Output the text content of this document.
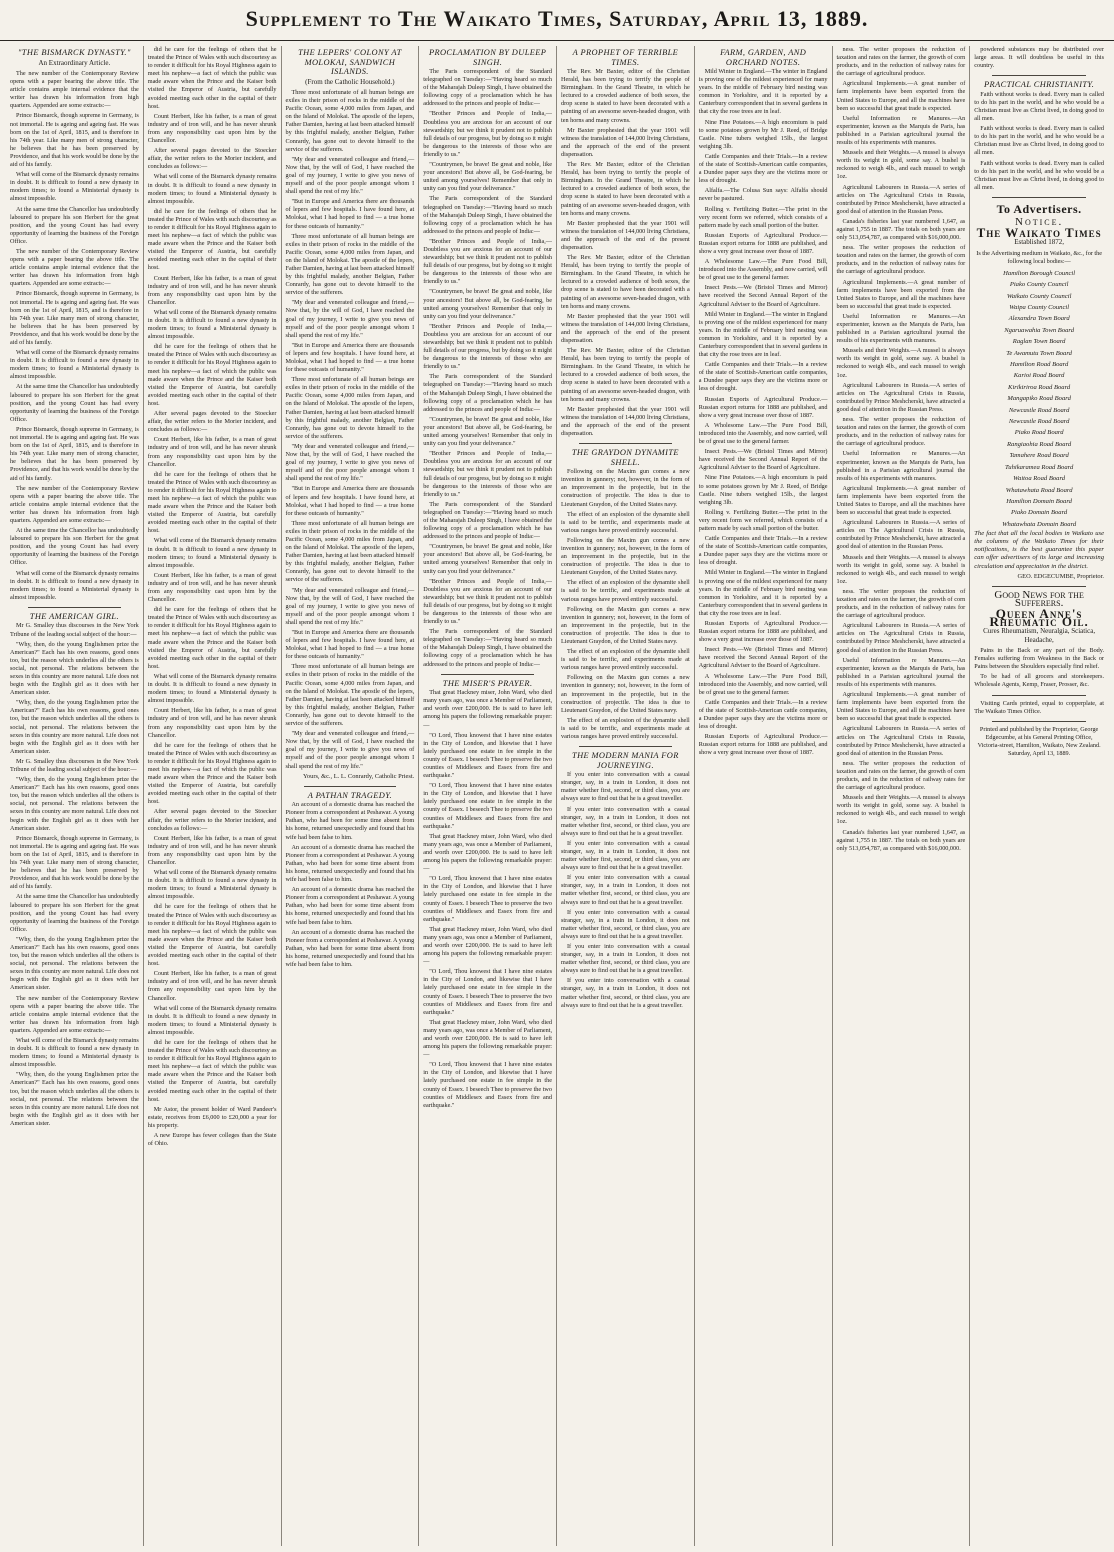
Supplement to The Waikato Times, Saturday, April 13, 1889.
"THE BISMARCK DYNASTY."
An Extraordinary Article.

The new number of the Contemporary Review opens with a paper bearing the above title. The article contains ample internal evidence that the writer has drawn his information from high quarters. Appended are some extracts:—

Prince Bismarck, though supreme in Germany, is not immortal. He is ageing and ageing fast. He was born on the 1st of April, 1815, and is therefore in his 74th year. Like many men of strong character, he believes that he has been preserved by Providence, and that his work would be done by the aid of his family.

What will come of the Bismarck dynasty remains in doubt. It is difficult to found a new dynasty in modern times; to found a Ministerial dynasty is almost impossible.

At the same time the Chancellor has undoubtedly laboured to prepare his son Herbert for the great position, and the young Count has had every opportunity of learning the business of the Foreign Office.

The new number of the Contemporary Review opens with a paper bearing the above title. The article contains ample internal evidence that the writer has drawn his information from high quarters. Appended are some extracts:—

Prince Bismarck, though supreme in Germany, is not immortal. He is ageing and ageing fast. He was born on the 1st of April, 1815, and is therefore in his 74th year. Like many men of strong character, he believes that he has been preserved by Providence, and that his work would be done by the aid of his family.

What will come of the Bismarck dynasty remains in doubt. It is difficult to found a new dynasty in modern times; to found a Ministerial dynasty is almost impossible.

At the same time the Chancellor has undoubtedly laboured to prepare his son Herbert for the great position, and the young Count has had every opportunity of learning the business of the Foreign Office.

Prince Bismarck, though supreme in Germany, is not immortal. He is ageing and ageing fast. He was born on the 1st of April, 1815, and is therefore in his 74th year. Like many men of strong character, he believes that he has been preserved by Providence, and that his work would be done by the aid of his family.

The new number of the Contemporary Review opens with a paper bearing the above title. The article contains ample internal evidence that the writer has drawn his information from high quarters. Appended are some extracts:—

At the same time the Chancellor has undoubtedly laboured to prepare his son Herbert for the great position, and the young Count has had every opportunity of learning the business of the Foreign Office.

What will come of the Bismarck dynasty remains in doubt. It is difficult to found a new dynasty in modern times; to found a Ministerial dynasty is almost impossible.

THE AMERICAN GIRL.

Mr G. Smalley thus discourses in the New York Tribune of the leading social subject of the hour:—

"Why, then, do the young Englishmen prize the American?" Each has his own reasons, good ones too, but the reason which underlies all the others is social, not personal. The relations between the sexes in this country are more natural. Life does not begin with the English girl as it does with her American sister.

"Why, then, do the young Englishmen prize the American?" Each has his own reasons, good ones too, but the reason which underlies all the others is social, not personal. The relations between the sexes in this country are more natural. Life does not begin with the English girl as it does with her American sister.

Mr G. Smalley thus discourses in the New York Tribune of the leading social subject of the hour:—

"Why, then, do the young Englishmen prize the American?" Each has his own reasons, good ones too, but the reason which underlies all the others is social, not personal. The relations between the sexes in this country are more natural. Life does not begin with the English girl as it does with her American sister.

Prince Bismarck, though supreme in Germany, is not immortal. He is ageing and ageing fast. He was born on the 1st of April, 1815, and is therefore in his 74th year. Like many men of strong character, he believes that he has been preserved by Providence, and that his work would be done by the aid of his family.

At the same time the Chancellor has undoubtedly laboured to prepare his son Herbert for the great position, and the young Count has had every opportunity of learning the business of the Foreign Office.

"Why, then, do the young Englishmen prize the American?" Each has his own reasons, good ones too, but the reason which underlies all the others is social, not personal. The relations between the sexes in this country are more natural. Life does not begin with the English girl as it does with her American sister.

The new number of the Contemporary Review opens with a paper bearing the above title. The article contains ample internal evidence that the writer has drawn his information from high quarters. Appended are some extracts:—

What will come of the Bismarck dynasty remains in doubt. It is difficult to found a new dynasty in modern times; to found a Ministerial dynasty is almost impossible.

"Why, then, do the young Englishmen prize the American?" Each has his own reasons, good ones too, but the reason which underlies all the others is social, not personal. The relations between the sexes in this country are more natural. Life does not begin with the English girl as it does with her American sister.

did he care for the feelings of others that he treated the Prince of Wales with such discourtesy as to render it difficult for his Royal Highness again to meet his nephew—a fact of which the public was made aware when the Prince and the Kaiser both visited the Emperor of Austria, but carefully avoided meeting each other in the capital of their host.

Count Herbert, like his father, is a man of great industry and of iron will, and he has never shrunk from any responsibility cast upon him by the Chancellor.

After several pages devoted to the Stoecker affair, the writer refers to the Morier incident, and concludes as follows:—

What will come of the Bismarck dynasty remains in doubt. It is difficult to found a new dynasty in modern times; to found a Ministerial dynasty is almost impossible.

did he care for the feelings of others that he treated the Prince of Wales with such discourtesy as to render it difficult for his Royal Highness again to meet his nephew—a fact of which the public was made aware when the Prince and the Kaiser both visited the Emperor of Austria, but carefully avoided meeting each other in the capital of their host.

Count Herbert, like his father, is a man of great industry and of iron will, and he has never shrunk from any responsibility cast upon him by the Chancellor.

What will come of the Bismarck dynasty remains in doubt. It is difficult to found a new dynasty in modern times; to found a Ministerial dynasty is almost impossible.

did he care for the feelings of others that he treated the Prince of Wales with such discourtesy as to render it difficult for his Royal Highness again to meet his nephew—a fact of which the public was made aware when the Prince and the Kaiser both visited the Emperor of Austria, but carefully avoided meeting each other in the capital of their host.

After several pages devoted to the Stoecker affair, the writer refers to the Morier incident, and concludes as follows:—

Count Herbert, like his father, is a man of great industry and of iron will, and he has never shrunk from any responsibility cast upon him by the Chancellor.

did he care for the feelings of others that he treated the Prince of Wales with such discourtesy as to render it difficult for his Royal Highness again to meet his nephew—a fact of which the public was made aware when the Prince and the Kaiser both visited the Emperor of Austria, but carefully avoided meeting each other in the capital of their host.

What will come of the Bismarck dynasty remains in doubt. It is difficult to found a new dynasty in modern times; to found a Ministerial dynasty is almost impossible.

Count Herbert, like his father, is a man of great industry and of iron will, and he has never shrunk from any responsibility cast upon him by the Chancellor.

did he care for the feelings of others that he treated the Prince of Wales with such discourtesy as to render it difficult for his Royal Highness again to meet his nephew—a fact of which the public was made aware when the Prince and the Kaiser both visited the Emperor of Austria, but carefully avoided meeting each other in the capital of their host.

What will come of the Bismarck dynasty remains in doubt. It is difficult to found a new dynasty in modern times; to found a Ministerial dynasty is almost impossible.

Count Herbert, like his father, is a man of great industry and of iron will, and he has never shrunk from any responsibility cast upon him by the Chancellor.

did he care for the feelings of others that he treated the Prince of Wales with such discourtesy as to render it difficult for his Royal Highness again to meet his nephew—a fact of which the public was made aware when the Prince and the Kaiser both visited the Emperor of Austria, but carefully avoided meeting each other in the capital of their host.

After several pages devoted to the Stoecker affair, the writer refers to the Morier incident, and concludes as follows:—

Count Herbert, like his father, is a man of great industry and of iron will, and he has never shrunk from any responsibility cast upon him by the Chancellor.

What will come of the Bismarck dynasty remains in doubt. It is difficult to found a new dynasty in modern times; to found a Ministerial dynasty is almost impossible.

did he care for the feelings of others that he treated the Prince of Wales with such discourtesy as to render it difficult for his Royal Highness again to meet his nephew—a fact of which the public was made aware when the Prince and the Kaiser both visited the Emperor of Austria, but carefully avoided meeting each other in the capital of their host.

Count Herbert, like his father, is a man of great industry and of iron will, and he has never shrunk from any responsibility cast upon him by the Chancellor.

What will come of the Bismarck dynasty remains in doubt. It is difficult to found a new dynasty in modern times; to found a Ministerial dynasty is almost impossible.

did he care for the feelings of others that he treated the Prince of Wales with such discourtesy as to render it difficult for his Royal Highness again to meet his nephew—a fact of which the public was made aware when the Prince and the Kaiser both visited the Emperor of Austria, but carefully avoided meeting each other in the capital of their host.

Mr Astor, the present holder of Ward Pandeer's estate, receives from £6,000 to £20,000 a year for his property.

A new Europe has fewer colleges than the State of Ohio.

THE LEPERS' COLONY AT MOLOKAI, SANDWICH ISLANDS.
(From the Catholic Household.)

Three most unfortunate of all human beings are exiles in their prison of rocks in the middle of the Pacific Ocean, some 4,000 miles from Japan, and on the Island of Molokai. The apostle of the lepers, Father Damien, having at last been attacked himself by this frightful malady, another Belgian, Father Conrardy, has gone out to devote himself to the service of the sufferers.

"My dear and venerated colleague and friend,—Now that, by the will of God, I have reached the goal of my journey, I write to give you news of myself and of the poor people amongst whom I shall spend the rest of my life."

"But in Europe and America there are thousands of lepers and few hospitals. I have found here, at Molokai, what I had hoped to find — a true home for these outcasts of humanity."

Three most unfortunate of all human beings are exiles in their prison of rocks in the middle of the Pacific Ocean, some 4,000 miles from Japan, and on the Island of Molokai. The apostle of the lepers, Father Damien, having at last been attacked himself by this frightful malady, another Belgian, Father Conrardy, has gone out to devote himself to the service of the sufferers.

"My dear and venerated colleague and friend,—Now that, by the will of God, I have reached the goal of my journey, I write to give you news of myself and of the poor people amongst whom I shall spend the rest of my life."

"But in Europe and America there are thousands of lepers and few hospitals. I have found here, at Molokai, what I had hoped to find — a true home for these outcasts of humanity."

Three most unfortunate of all human beings are exiles in their prison of rocks in the middle of the Pacific Ocean, some 4,000 miles from Japan, and on the Island of Molokai. The apostle of the lepers, Father Damien, having at last been attacked himself by this frightful malady, another Belgian, Father Conrardy, has gone out to devote himself to the service of the sufferers.

"My dear and venerated colleague and friend,—Now that, by the will of God, I have reached the goal of my journey, I write to give you news of myself and of the poor people amongst whom I shall spend the rest of my life."

"But in Europe and America there are thousands of lepers and few hospitals. I have found here, at Molokai, what I had hoped to find — a true home for these outcasts of humanity."

Three most unfortunate of all human beings are exiles in their prison of rocks in the middle of the Pacific Ocean, some 4,000 miles from Japan, and on the Island of Molokai. The apostle of the lepers, Father Damien, having at last been attacked himself by this frightful malady, another Belgian, Father Conrardy, has gone out to devote himself to the service of the sufferers.

"My dear and venerated colleague and friend,—Now that, by the will of God, I have reached the goal of my journey, I write to give you news of myself and of the poor people amongst whom I shall spend the rest of my life."

"But in Europe and America there are thousands of lepers and few hospitals. I have found here, at Molokai, what I had hoped to find — a true home for these outcasts of humanity."

Three most unfortunate of all human beings are exiles in their prison of rocks in the middle of the Pacific Ocean, some 4,000 miles from Japan, and on the Island of Molokai. The apostle of the lepers, Father Damien, having at last been attacked himself by this frightful malady, another Belgian, Father Conrardy, has gone out to devote himself to the service of the sufferers.

"My dear and venerated colleague and friend,—Now that, by the will of God, I have reached the goal of my journey, I write to give you news of myself and of the poor people amongst whom I shall spend the rest of my life."

Yours, &c., L. L. Conrardy, Catholic Priest.

A PATHAN TRAGEDY.

An account of a domestic drama has reached the Pioneer from a correspondent at Peshawar. A young Pathan, who had been for some time absent from his home, returned unexpectedly and found that his wife had been false to him.

An account of a domestic drama has reached the Pioneer from a correspondent at Peshawar. A young Pathan, who had been for some time absent from his home, returned unexpectedly and found that his wife had been false to him.

An account of a domestic drama has reached the Pioneer from a correspondent at Peshawar. A young Pathan, who had been for some time absent from his home, returned unexpectedly and found that his wife had been false to him.

An account of a domestic drama has reached the Pioneer from a correspondent at Peshawar. A young Pathan, who had been for some time absent from his home, returned unexpectedly and found that his wife had been false to him.

PROCLAMATION BY DULEEP SINGH.

The Paris correspondent of the Standard telegraphed on Tuesday:—"Having heard so much of the Maharajah Duleep Singh, I have obtained the following copy of a proclamation which he has addressed to the princes and people of India:—

"Brother Princes and People of India,—Doubtless you are anxious for an account of our stewardship; but we think it prudent not to publish full details of our progress, but by doing so it might be dangerous to the interests of those who are friendly to us."

"Countrymen, be brave! Be great and noble, like your ancestors! But above all, be God-fearing, be united among yourselves! Remember that only in unity can you find your deliverance."

The Paris correspondent of the Standard telegraphed on Tuesday:—"Having heard so much of the Maharajah Duleep Singh, I have obtained the following copy of a proclamation which he has addressed to the princes and people of India:—

"Brother Princes and People of India,—Doubtless you are anxious for an account of our stewardship; but we think it prudent not to publish full details of our progress, but by doing so it might be dangerous to the interests of those who are friendly to us."

"Countrymen, be brave! Be great and noble, like your ancestors! But above all, be God-fearing, be united among yourselves! Remember that only in unity can you find your deliverance."

"Brother Princes and People of India,—Doubtless you are anxious for an account of our stewardship; but we think it prudent not to publish full details of our progress, but by doing so it might be dangerous to the interests of those who are friendly to us."

The Paris correspondent of the Standard telegraphed on Tuesday:—"Having heard so much of the Maharajah Duleep Singh, I have obtained the following copy of a proclamation which he has addressed to the princes and people of India:—

"Countrymen, be brave! Be great and noble, like your ancestors! But above all, be God-fearing, be united among yourselves! Remember that only in unity can you find your deliverance."

"Brother Princes and People of India,—Doubtless you are anxious for an account of our stewardship; but we think it prudent not to publish full details of our progress, but by doing so it might be dangerous to the interests of those who are friendly to us."

The Paris correspondent of the Standard telegraphed on Tuesday:—"Having heard so much of the Maharajah Duleep Singh, I have obtained the following copy of a proclamation which he has addressed to the princes and people of India:—

"Countrymen, be brave! Be great and noble, like your ancestors! But above all, be God-fearing, be united among yourselves! Remember that only in unity can you find your deliverance."

"Brother Princes and People of India,—Doubtless you are anxious for an account of our stewardship; but we think it prudent not to publish full details of our progress, but by doing so it might be dangerous to the interests of those who are friendly to us."

The Paris correspondent of the Standard telegraphed on Tuesday:—"Having heard so much of the Maharajah Duleep Singh, I have obtained the following copy of a proclamation which he has addressed to the princes and people of India:—

THE MISER'S PRAYER.

That great Hackney miser, John Ward, who died many years ago, was once a Member of Parliament, and worth over £200,000. He is said to have left among his papers the following remarkable prayer:—

"O Lord, Thou knowest that I have nine estates in the City of London, and likewise that I have lately purchased one estate in fee simple in the county of Essex. I beseech Thee to preserve the two counties of Middlesex and Essex from fire and earthquake."

"O Lord, Thou knowest that I have nine estates in the City of London, and likewise that I have lately purchased one estate in fee simple in the county of Essex. I beseech Thee to preserve the two counties of Middlesex and Essex from fire and earthquake."

That great Hackney miser, John Ward, who died many years ago, was once a Member of Parliament, and worth over £200,000. He is said to have left among his papers the following remarkable prayer:—

"O Lord, Thou knowest that I have nine estates in the City of London, and likewise that I have lately purchased one estate in fee simple in the county of Essex. I beseech Thee to preserve the two counties of Middlesex and Essex from fire and earthquake."

That great Hackney miser, John Ward, who died many years ago, was once a Member of Parliament, and worth over £200,000. He is said to have left among his papers the following remarkable prayer:—

"O Lord, Thou knowest that I have nine estates in the City of London, and likewise that I have lately purchased one estate in fee simple in the county of Essex. I beseech Thee to preserve the two counties of Middlesex and Essex from fire and earthquake."

That great Hackney miser, John Ward, who died many years ago, was once a Member of Parliament, and worth over £200,000. He is said to have left among his papers the following remarkable prayer:—

"O Lord, Thou knowest that I have nine estates in the City of London, and likewise that I have lately purchased one estate in fee simple in the county of Essex. I beseech Thee to preserve the two counties of Middlesex and Essex from fire and earthquake."

A PROPHET OF TERRIBLE TIMES.

The Rev. Mr Baxter, editor of the Christian Herald, has been trying to terrify the people of Birmingham. In the Grand Theatre, in which he lectured to a crowded audience of both sexes, the drop scene is stated to have been decorated with a painting of an awesome seven-headed dragon, with ten horns and many crowns.

Mr Baxter prophesied that the year 1901 will witness the translation of 144,000 living Christians, and the approach of the end of the present dispensation.

The Rev. Mr Baxter, editor of the Christian Herald, has been trying to terrify the people of Birmingham. In the Grand Theatre, in which he lectured to a crowded audience of both sexes, the drop scene is stated to have been decorated with a painting of an awesome seven-headed dragon, with ten horns and many crowns.

Mr Baxter prophesied that the year 1901 will witness the translation of 144,000 living Christians, and the approach of the end of the present dispensation.

The Rev. Mr Baxter, editor of the Christian Herald, has been trying to terrify the people of Birmingham. In the Grand Theatre, in which he lectured to a crowded audience of both sexes, the drop scene is stated to have been decorated with a painting of an awesome seven-headed dragon, with ten horns and many crowns.

Mr Baxter prophesied that the year 1901 will witness the translation of 144,000 living Christians, and the approach of the end of the present dispensation.

The Rev. Mr Baxter, editor of the Christian Herald, has been trying to terrify the people of Birmingham. In the Grand Theatre, in which he lectured to a crowded audience of both sexes, the drop scene is stated to have been decorated with a painting of an awesome seven-headed dragon, with ten horns and many crowns.

Mr Baxter prophesied that the year 1901 will witness the translation of 144,000 living Christians, and the approach of the end of the present dispensation.

THE GRAYDON DYNAMITE SHELL.

Following on the Maxim gun comes a new invention in gunnery; not, however, in the form of an improvement in the projectile, but in the construction of projectile. The idea is due to Lieutenant Graydon, of the United States navy.

The effect of an explosion of the dynamite shell is said to be terrific, and experiments made at various ranges have proved entirely successful.

Following on the Maxim gun comes a new invention in gunnery; not, however, in the form of an improvement in the projectile, but in the construction of projectile. The idea is due to Lieutenant Graydon, of the United States navy.

The effect of an explosion of the dynamite shell is said to be terrific, and experiments made at various ranges have proved entirely successful.

Following on the Maxim gun comes a new invention in gunnery; not, however, in the form of an improvement in the projectile, but in the construction of projectile. The idea is due to Lieutenant Graydon, of the United States navy.

The effect of an explosion of the dynamite shell is said to be terrific, and experiments made at various ranges have proved entirely successful.

Following on the Maxim gun comes a new invention in gunnery; not, however, in the form of an improvement in the projectile, but in the construction of projectile. The idea is due to Lieutenant Graydon, of the United States navy.

The effect of an explosion of the dynamite shell is said to be terrific, and experiments made at various ranges have proved entirely successful.

THE MODERN MANIA FOR JOURNEYING.

If you enter into conversation with a casual stranger, say, in a train in London, it does not matter whether first, second, or third class, you are always sure to find out that he is a great traveller.

If you enter into conversation with a casual stranger, say, in a train in London, it does not matter whether first, second, or third class, you are always sure to find out that he is a great traveller.

If you enter into conversation with a casual stranger, say, in a train in London, it does not matter whether first, second, or third class, you are always sure to find out that he is a great traveller.

If you enter into conversation with a casual stranger, say, in a train in London, it does not matter whether first, second, or third class, you are always sure to find out that he is a great traveller.

If you enter into conversation with a casual stranger, say, in a train in London, it does not matter whether first, second, or third class, you are always sure to find out that he is a great traveller.

If you enter into conversation with a casual stranger, say, in a train in London, it does not matter whether first, second, or third class, you are always sure to find out that he is a great traveller.

If you enter into conversation with a casual stranger, say, in a train in London, it does not matter whether first, second, or third class, you are always sure to find out that he is a great traveller.

FARM, GARDEN, AND ORCHARD NOTES.

Mild Winter in England.—The winter in England is proving one of the mildest experienced for many years. In the middle of February bird nesting was common in Yorkshire, and it is reported by a Canterbury correspondent that in several gardens in that city the rose trees are in leaf.

Nine Fine Potatoes.—A high encomium is paid to some potatoes grown by Mr J. Reed, of Bridge Castle. Nine tubers weighed 15lb., the largest weighing 3lb.

Cattle Companies and their Trials.—In a review of the state of Scottish-American cattle companies, a Dundee paper says they are the victims more or less of drought.

Alfalfa.—The Colusa Sun says: Alfalfa should never be pastured.

Rolling v. Fertilizing Butter.—The print in the very recent form we referred, which consists of a pattern made by each small portion of the butter.

Russian Exports of Agricultural Produce.—Russian export returns for 1888 are published, and show a very great increase over those of 1887.

A Wholesome Law.—The Pure Food Bill, introduced into the Assembly, and now carried, will be of great use to the general farmer.

Insect Pests.—We (Bristol Times and Mirror) have received the Second Annual Report of the Agricultural Adviser to the Board of Agriculture.

Mild Winter in England.—The winter in England is proving one of the mildest experienced for many years. In the middle of February bird nesting was common in Yorkshire, and it is reported by a Canterbury correspondent that in several gardens in that city the rose trees are in leaf.

Cattle Companies and their Trials.—In a review of the state of Scottish-American cattle companies, a Dundee paper says they are the victims more or less of drought.

Russian Exports of Agricultural Produce.—Russian export returns for 1888 are published, and show a very great increase over those of 1887.

A Wholesome Law.—The Pure Food Bill, introduced into the Assembly, and now carried, will be of great use to the general farmer.

Insect Pests.—We (Bristol Times and Mirror) have received the Second Annual Report of the Agricultural Adviser to the Board of Agriculture.

Nine Fine Potatoes.—A high encomium is paid to some potatoes grown by Mr J. Reed, of Bridge Castle. Nine tubers weighed 15lb., the largest weighing 3lb.

Rolling v. Fertilizing Butter.—The print in the very recent form we referred, which consists of a pattern made by each small portion of the butter.

Cattle Companies and their Trials.—In a review of the state of Scottish-American cattle companies, a Dundee paper says they are the victims more or less of drought.

Mild Winter in England.—The winter in England is proving one of the mildest experienced for many years. In the middle of February bird nesting was common in Yorkshire, and it is reported by a Canterbury correspondent that in several gardens in that city the rose trees are in leaf.

Russian Exports of Agricultural Produce.—Russian export returns for 1888 are published, and show a very great increase over those of 1887.

Insect Pests.—We (Bristol Times and Mirror) have received the Second Annual Report of the Agricultural Adviser to the Board of Agriculture.

A Wholesome Law.—The Pure Food Bill, introduced into the Assembly, and now carried, will be of great use to the general farmer.

Cattle Companies and their Trials.—In a review of the state of Scottish-American cattle companies, a Dundee paper says they are the victims more or less of drought.

Russian Exports of Agricultural Produce.—Russian export returns for 1888 are published, and show a very great increase over those of 1887.

ness. The writer proposes the reduction of taxation and rates on the farmer, the growth of corn products, and in the reduction of railway rates for the carriage of agricultural produce.

Agricultural Implements.—A great number of farm implements have been exported from the United States to Europe, and all the machines have been so successful that great trade is expected.

Useful Information re Manures.—An experimenter, known as the Marquis de Paris, has published in a Parisian agricultural journal the results of his experiments with manures.

Mussels and their Weights.—A mussel is always worth its weight in gold, some say. A bushel is reckoned to weigh 4lb., and each mussel to weigh 1oz.

Agricultural Labourers in Russia.—A series of articles on The Agricultural Crisis in Russia, contributed by Prince Meshcherski, have attracted a good deal of attention in the Russian Press.

Canada's fisheries last year numbered 1,647, as against 1,755 in 1887. The totals on both years are only 513,054,787, as compared with $16,000,000.

ness. The writer proposes the reduction of taxation and rates on the farmer, the growth of corn products, and in the reduction of railway rates for the carriage of agricultural produce.

Agricultural Implements.—A great number of farm implements have been exported from the United States to Europe, and all the machines have been so successful that great trade is expected.

Useful Information re Manures.—An experimenter, known as the Marquis de Paris, has published in a Parisian agricultural journal the results of his experiments with manures.

Mussels and their Weights.—A mussel is always worth its weight in gold, some say. A bushel is reckoned to weigh 4lb., and each mussel to weigh 1oz.

Agricultural Labourers in Russia.—A series of articles on The Agricultural Crisis in Russia, contributed by Prince Meshcherski, have attracted a good deal of attention in the Russian Press.

ness. The writer proposes the reduction of taxation and rates on the farmer, the growth of corn products, and in the reduction of railway rates for the carriage of agricultural produce.

Useful Information re Manures.—An experimenter, known as the Marquis de Paris, has published in a Parisian agricultural journal the results of his experiments with manures.

Agricultural Implements.—A great number of farm implements have been exported from the United States to Europe, and all the machines have been so successful that great trade is expected.

Agricultural Labourers in Russia.—A series of articles on The Agricultural Crisis in Russia, contributed by Prince Meshcherski, have attracted a good deal of attention in the Russian Press.

Mussels and their Weights.—A mussel is always worth its weight in gold, some say. A bushel is reckoned to weigh 4lb., and each mussel to weigh 1oz.

ness. The writer proposes the reduction of taxation and rates on the farmer, the growth of corn products, and in the reduction of railway rates for the carriage of agricultural produce.

Agricultural Labourers in Russia.—A series of articles on The Agricultural Crisis in Russia, contributed by Prince Meshcherski, have attracted a good deal of attention in the Russian Press.

Useful Information re Manures.—An experimenter, known as the Marquis de Paris, has published in a Parisian agricultural journal the results of his experiments with manures.

Agricultural Implements.—A great number of farm implements have been exported from the United States to Europe, and all the machines have been so successful that great trade is expected.

Agricultural Labourers in Russia.—A series of articles on The Agricultural Crisis in Russia, contributed by Prince Meshcherski, have attracted a good deal of attention in the Russian Press.

ness. The writer proposes the reduction of taxation and rates on the farmer, the growth of corn products, and in the reduction of railway rates for the carriage of agricultural produce.

Mussels and their Weights.—A mussel is always worth its weight in gold, some say. A bushel is reckoned to weigh 4lb., and each mussel to weigh 1oz.

Canada's fisheries last year numbered 1,647, as against 1,755 in 1887. The totals on both years are only 513,054,787, as compared with $16,000,000.

powdered substances may be distributed over large areas. It will doubtless be useful in this country.

PRACTICAL CHRISTIANITY.

Faith without works is dead. Every man is called to do his part in the world, and he who would be a Christian must live as Christ lived, in doing good to all men.

Faith without works is dead. Every man is called to do his part in the world, and he who would be a Christian must live as Christ lived, in doing good to all men.

Faith without works is dead. Every man is called to do his part in the world, and he who would be a Christian must live as Christ lived, in doing good to all men.

To Advertisers.
Notice.
The Waikato Times
Established 1872,

Is the Advertising medium in Waikato, &c., for the following local bodies:—

Hamilton Borough Council
Piako County Council
Waikato County Council
Waipa County Council
Alexandra Town Board
Ngaruawahia Town Board
Raglan Town Board
Te Awamutu Town Board
Hamilton Road Board
Karioi Road Board
Kirikiriroa Road Board
Mangapiko Road Board
Newcastle Road Board
Newcastle Road Board
Piako Road Board
Rangiaohia Road Board
Tamahere Road Board
Tuhikaramea Road Board
Waitoa Road Board
Whatawhata Road Board
Hamilton Domain Board
Piako Domain Board
Whatawhata Domain Board

The fact that all the local bodies in Waikato use the columns of the Waikato Times for their notifications, is the best guarantee this paper can offer advertisers of its large and increasing circulation and appreciation in the district.

GEO. EDGECUMBE, Proprietor.

Good News for the Sufferers.
Queen Anne's Rheumatic Oil.
Cures Rheumatism, Neuralgia, Sciatica, Headache,

Pains in the Back or any part of the Body. Females suffering from Weakness in the Back or Pains between the Shoulders especially find relief.

To be had of all grocers and storekeepers. Wholesale Agents, Kemp, Fraser, Prosser, &c.

Visiting Cards printed, equal to copperplate, at The Waikato Times Office.

Printed and published by the Proprietor, George Edgecumbe, at his General Printing Office, Victoria-street, Hamilton, Waikato, New Zealand. Saturday, April 13, 1889.
